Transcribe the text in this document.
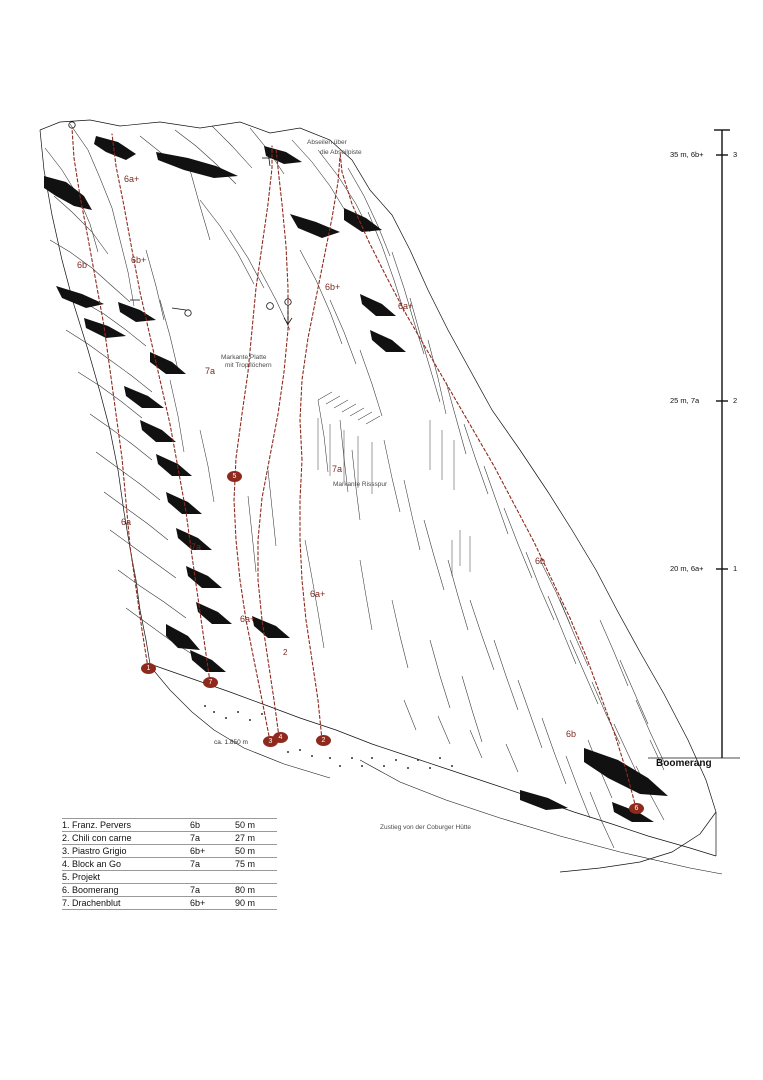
6a+
6b	6b+
6b+
6a+
7a
7a
6a
6b
7a
6a+
6a+
6b
2
Abseilen über
die Abseilpiste
Markante Platte
mit Tropflöchern
Markante Rissspur
Zustieg von der Coburger Hütte
ca. 1.850 m
5
1
7
3
4
6
2
35 m, 6b+	3
25 m, 7a	2
20 m, 6a+	1
Boomerang
1. Franz. Pervers	6b	50 m
2. Chili con carne	7a	27 m
3. Piastro Grigio	6b+	50 m
4. Block an Go	7a	75 m
5. Projekt		
6. Boomerang	7a	80 m
7. Drachenblut	6b+	90 m
